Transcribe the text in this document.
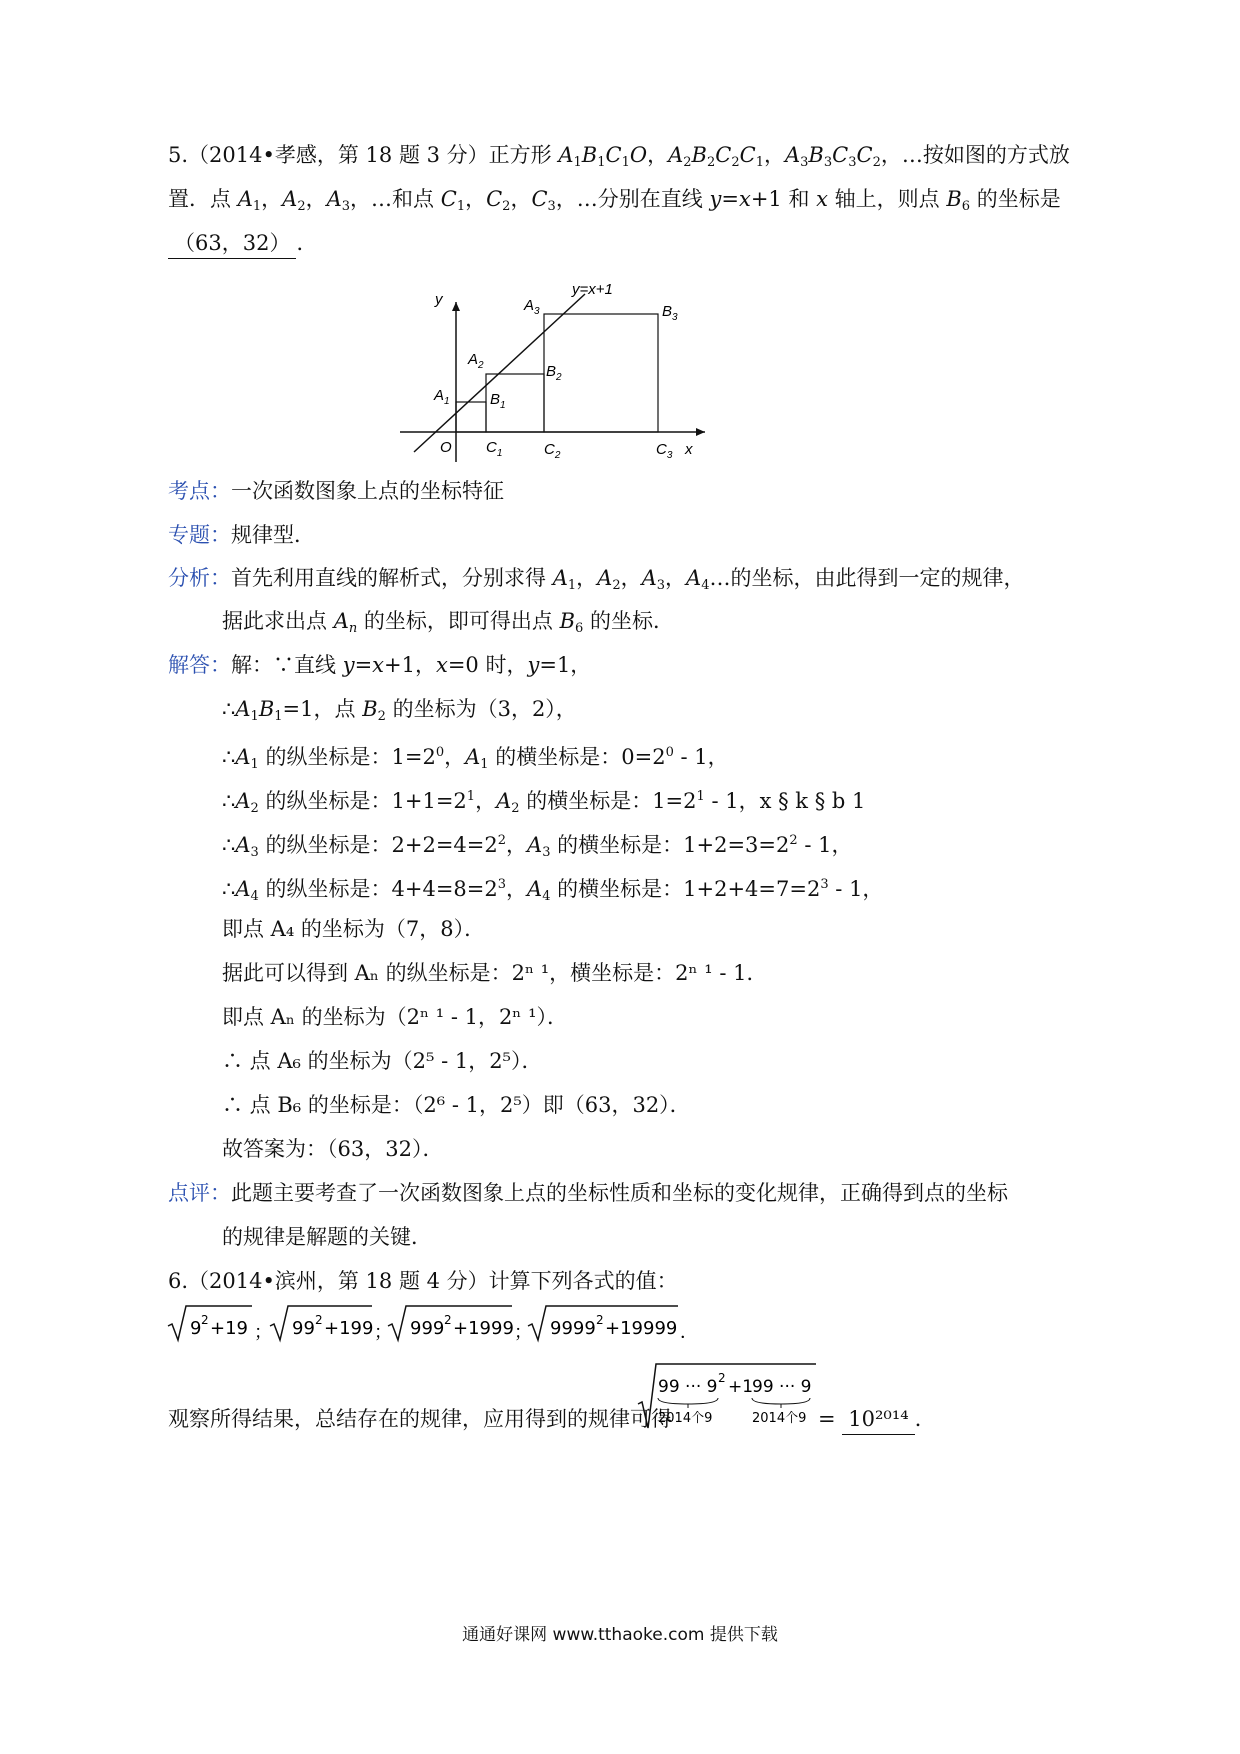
5.（2014•孝感，第 18 题 3 分）正方形 $A_1B_1C_1O$，$A_2B_2C_2C_1$，$A_3B_3C_3C_2$，…按如图的方式放
置．点 $A_1$，$A_2$，$A_3$，…和点 $C_1$，$C_2$，$C_3$，…分别在直线 y=x+1 和 x 轴上，则点 $B_6$ 的坐标是
（63，32） ．
y
x
y=x+1
O
$A_1$
$A_2$
$A_3$
$B_1$
$B_2$
$B_3$
$C_1$	$C_2$	$C_3$
考点：一次函数图象上点的坐标特征
专题：规律型．
分析：首先利用直线的解析式，分别求得 $A_1$，$A_2$，$A_3$，$A_4\dots$的坐标，由此得到一定的规律，
据此求出点 $A_n$ 的坐标，即可得出点 $B_6$ 的坐标．
解答：解：∵直线 y=x+1，x=0 时，y=1，
$\therefore A_1B_1=1$，点 $B_2$ 的坐标为（3，2），
$\therefore A_1$ 的纵坐标是：$1=2^0$，$A_1$ 的横坐标是：$0=2^0 - 1$，
$\therefore A_2$ 的纵坐标是：$1+1=2^1$，$A_2$ 的横坐标是：$1=2^1 - 1$，x § k § b 1
$\therefore A_3$ 的纵坐标是：$2+2=4=2^2$，$A_3$ 的横坐标是：$1+2=3=2^2 - 1$，
$\therefore A_4$ 的纵坐标是：$4+4=8=2^3$，$A_4$ 的横坐标是：$1+2+4=7=2^3 - 1$，
即点 A₄ 的坐标为（7，8）．
据此可以得到 Aₙ 的纵坐标是：2ⁿ ¹，横坐标是：2ⁿ ¹ - 1．
即点 Aₙ 的坐标为（2ⁿ ¹ - 1，2ⁿ ¹）．
∴ 点 A₆ 的坐标为（2⁵ - 1，2⁵）．
∴ 点 B₆ 的坐标是：（2⁶ - 1，2⁵）即（63，32）．
故答案为：（63，32）．
点评：此题主要考查了一次函数图象上点的坐标性质和坐标的变化规律，正确得到点的坐标
的规律是解题的关键．
6.（2014•滨州，第 18 题 4 分）计算下列各式的值：
9 2 +19 ； 99 2 +199 ； 999 2 +1999 ； 9999 2 +19999 ．
观察所得结果，总结存在的规律，应用得到的规律可得
99 ··· 9 2 +1
99 ··· 9
2014个9	2014个9 = 10²⁰¹⁴ ．
通通好课网 www.tthaoke.com 提供下载
